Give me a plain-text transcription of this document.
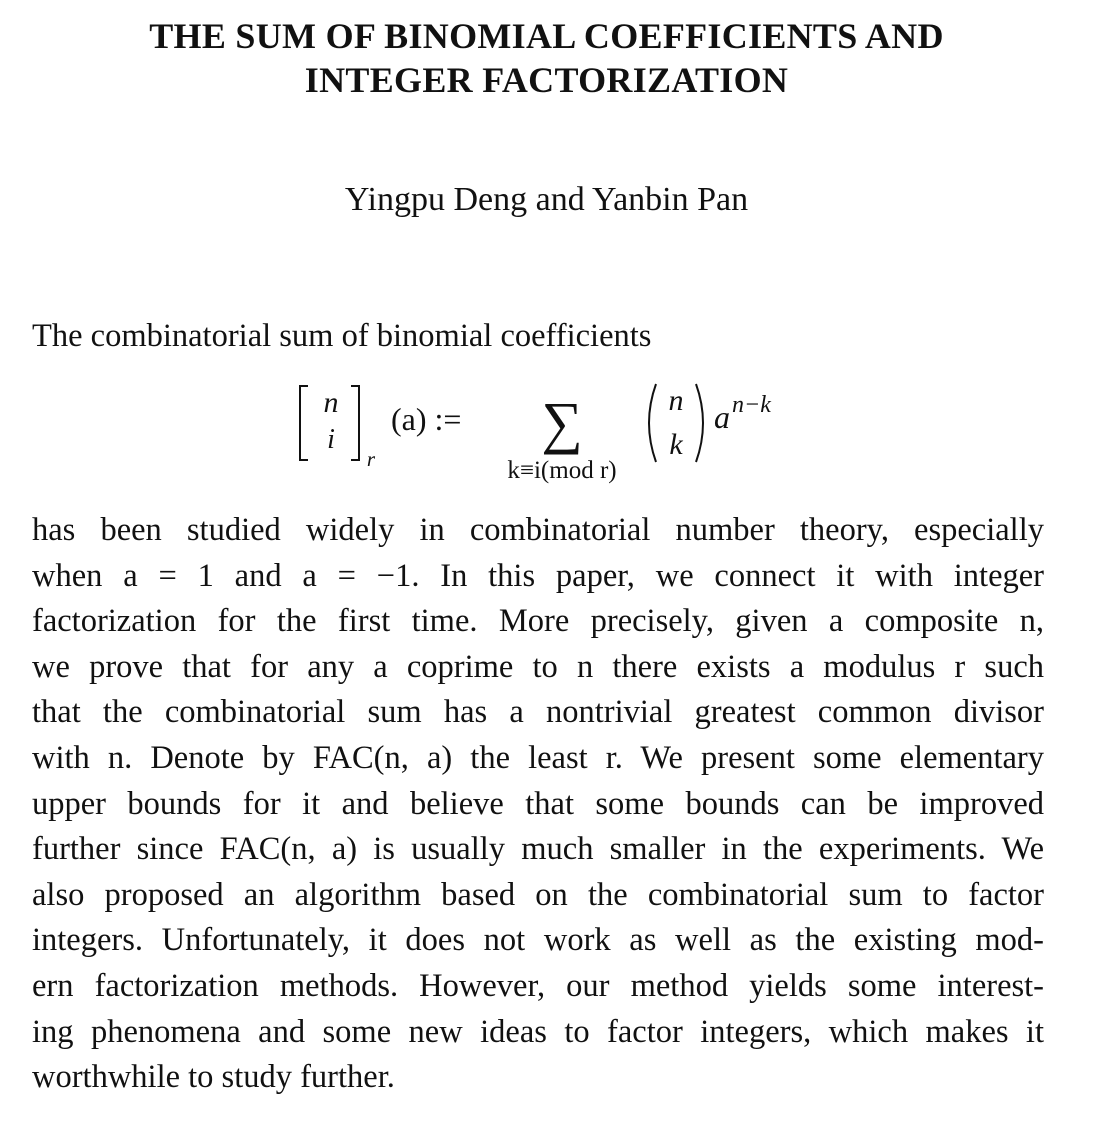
THE SUM OF BINOMIAL COEFFICIENTS AND
INTEGER FACTORIZATION
Yingpu Deng and Yanbin Pan
The combinatorial sum of binomial coefficients
n
i
r
(a) := ∑
k≡i(mod r)
n
k
a n−k
has been studied widely in combinatorial number theory, especially
when a = 1 and a = −1. In this paper, we connect it with integer
factorization for the first time. More precisely, given a composite n,
we prove that for any a coprime to n there exists a modulus r such
that the combinatorial sum has a nontrivial greatest common divisor
with n. Denote by FAC(n, a) the least r. We present some elementary
upper bounds for it and believe that some bounds can be improved
further since FAC(n, a) is usually much smaller in the experiments. We
also proposed an algorithm based on the combinatorial sum to factor
integers. Unfortunately, it does not work as well as the existing mod-
ern factorization methods. However, our method yields some interest-
ing phenomena and some new ideas to factor integers, which makes it
worthwhile to study further.
